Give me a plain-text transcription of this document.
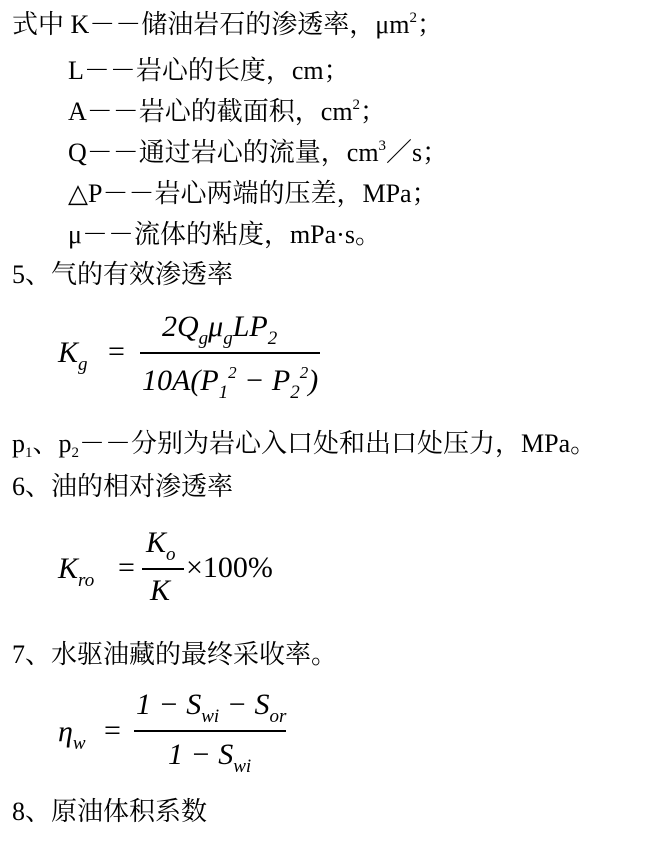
式中 K－－储油岩石的渗透率，$\mu m^2$；
L－－岩心的长度，cm；
A－－岩心的截面积，$cm^2$；
Q－－通过岩心的流量，$cm^3/s$；
△P－－岩心两端的压差，MPa；
μ－－流体的粘度，mPa·s。
5、气的有效渗透率
$K_g$ =
$2Q_g\mu_gLP_2$
$10A(P_1^2 - P_2^2)$
$p_1$、$p_2--$分别为岩心入口处和出口处压力，MPa。
6、油的相对渗透率
$K_{ro}$ =
$K_o$
K
×100%
7、水驱油藏的最终采收率。
$\eta_w$ =
$1 - S_{wi} - S_{or}$
$1 - S_{wi}$
8、原油体积系数
